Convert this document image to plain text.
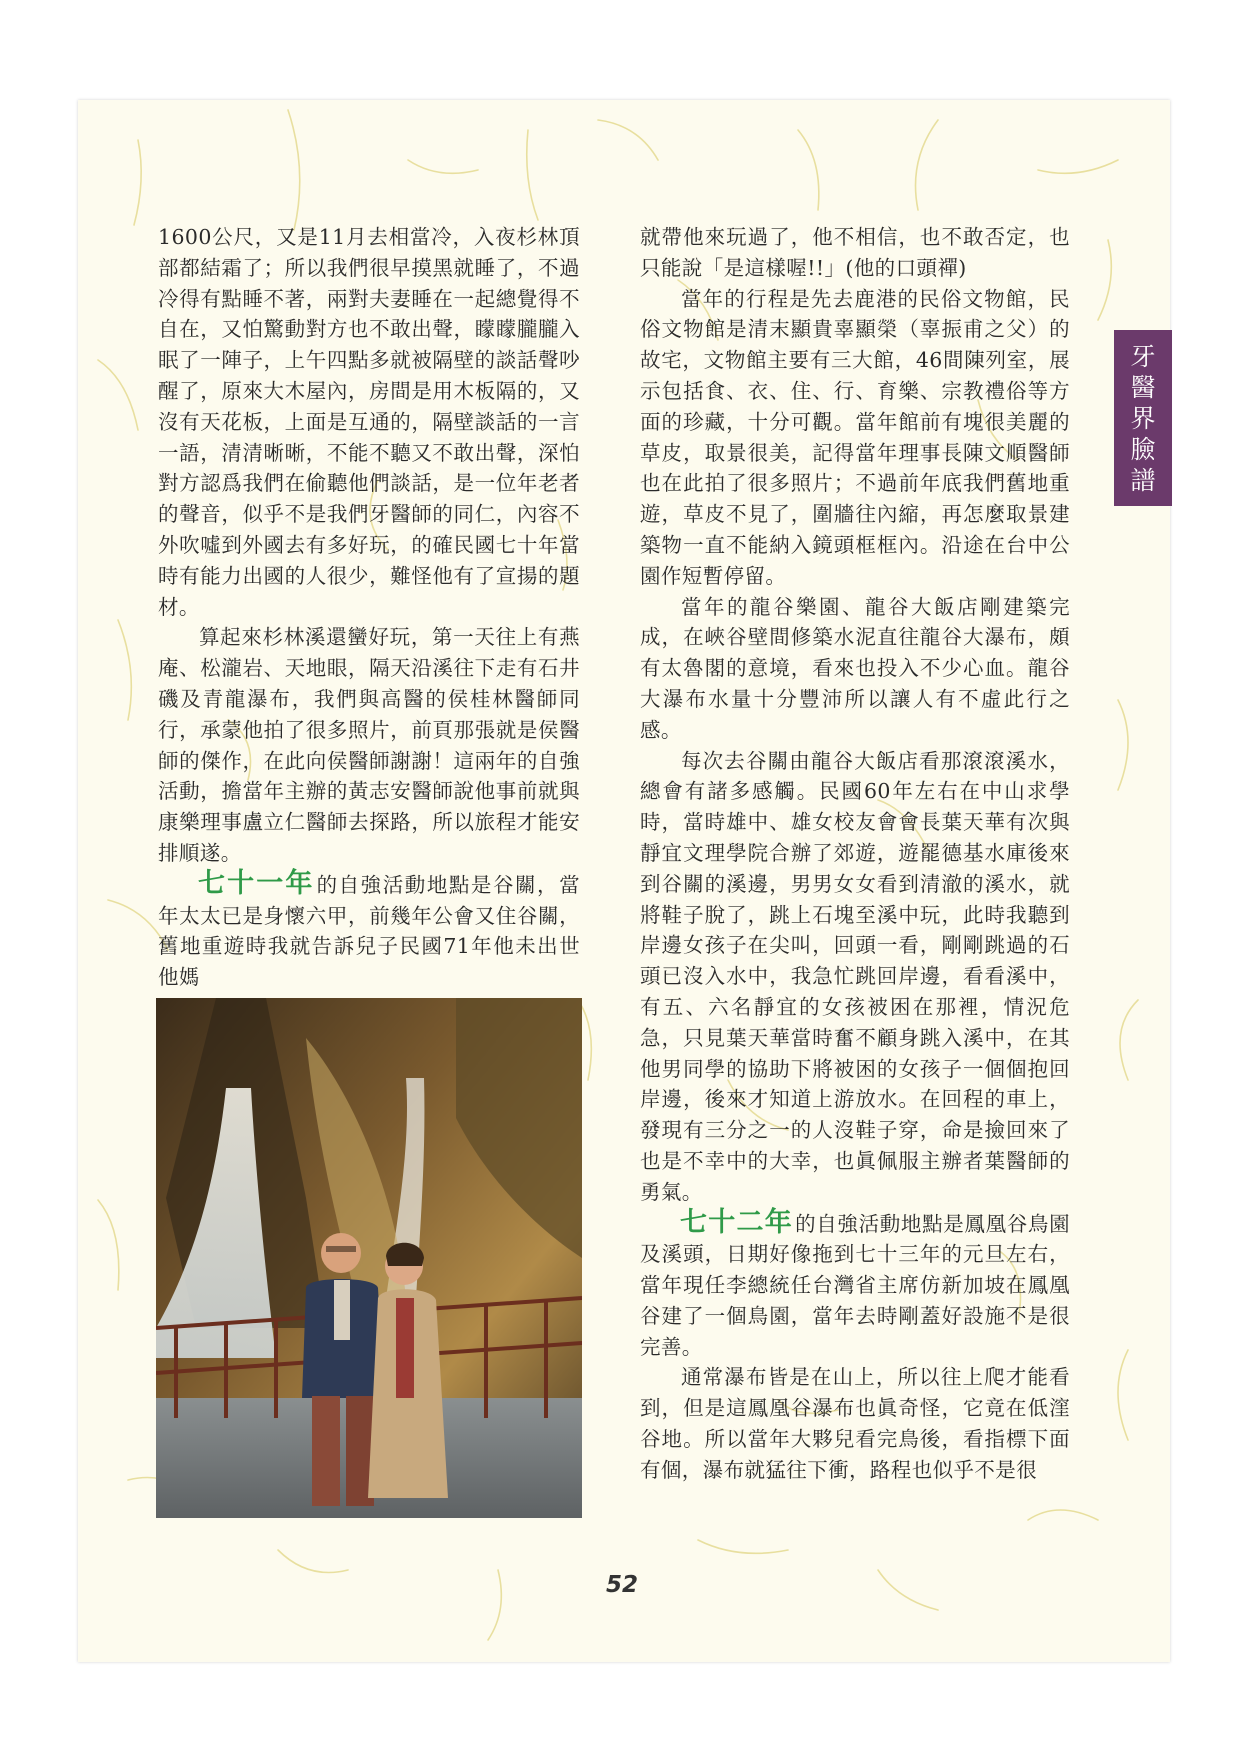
1600公尺，又是11月去相當冷，入夜杉林頂部都結霜了；所以我們很早摸黑就睡了，不過冷得有點睡不著，兩對夫妻睡在一起總覺得不自在，又怕驚動對方也不敢出聲，矇矇朧朧入眠了一陣子，上午四點多就被隔壁的談話聲吵醒了，原來大木屋內，房間是用木板隔的，又沒有天花板，上面是互通的，隔壁談話的一言一語，清清晰晰，不能不聽又不敢出聲，深怕對方認爲我們在偷聽他們談話，是一位年老者的聲音，似乎不是我們牙醫師的同仁，內容不外吹噓到外國去有多好玩，的確民國七十年當時有能力出國的人很少，難怪他有了宣揚的題材。

算起來杉林溪還蠻好玩，第一天往上有燕庵、松瀧岩、天地眼，隔天沿溪往下走有石井磯及青龍瀑布，我們與高醫的侯桂林醫師同行，承蒙他拍了很多照片，前頁那張就是侯醫師的傑作，在此向侯醫師謝謝！這兩年的自強活動，擔當年主辦的黃志安醫師說他事前就與康樂理事盧立仁醫師去探路，所以旅程才能安排順遂。

七十一年的自強活動地點是谷關，當年太太已是身懷六甲，前幾年公會又住谷關，舊地重遊時我就告訴兒子民國71年他未出世他媽

就帶他來玩過了，他不相信，也不敢否定，也只能說「是這樣喔!!」(他的口頭禪)

當年的行程是先去鹿港的民俗文物館，民俗文物館是清末顯貴辜顯榮（辜振甫之父）的故宅，文物館主要有三大館，46間陳列室，展示包括食、衣、住、行、育樂、宗教禮俗等方面的珍藏，十分可觀。當年館前有塊很美麗的草皮，取景很美，記得當年理事長陳文順醫師也在此拍了很多照片；不過前年底我們舊地重遊，草皮不見了，圍牆往內縮，再怎麼取景建築物一直不能納入鏡頭框框內。沿途在台中公園作短暫停留。

當年的龍谷樂園、龍谷大飯店剛建築完成，在峽谷壁間修築水泥直往龍谷大瀑布，頗有太魯閣的意境，看來也投入不少心血。龍谷大瀑布水量十分豐沛所以讓人有不虛此行之感。

每次去谷關由龍谷大飯店看那滾滾溪水，總會有諸多感觸。民國60年左右在中山求學時，當時雄中、雄女校友會會長葉天華有次與靜宜文理學院合辦了郊遊，遊罷德基水庫後來到谷關的溪邊，男男女女看到清澈的溪水，就將鞋子脫了，跳上石塊至溪中玩，此時我聽到岸邊女孩子在尖叫，回頭一看，剛剛跳過的石頭已沒入水中，我急忙跳回岸邊，看看溪中，有五、六名靜宜的女孩被困在那裡，情況危急，只見葉天華當時奮不顧身跳入溪中，在其他男同學的協助下將被困的女孩子一個個抱回岸邊，後來才知道上游放水。在回程的車上，發現有三分之一的人沒鞋子穿，命是撿回來了也是不幸中的大幸，也眞佩服主辦者葉醫師的勇氣。

七十二年的自強活動地點是鳳凰谷鳥園及溪頭，日期好像拖到七十三年的元旦左右，當年現任李總統任台灣省主席仿新加坡在鳳凰谷建了一個鳥園，當年去時剛蓋好設施不是很完善。

通常瀑布皆是在山上，所以往上爬才能看到，但是這鳳凰谷瀑布也眞奇怪，它竟在低漥谷地。所以當年大夥兒看完鳥後，看指標下面有個，瀑布就猛往下衝，路程也似乎不是很

牙
醫
界
臉
譜
52
